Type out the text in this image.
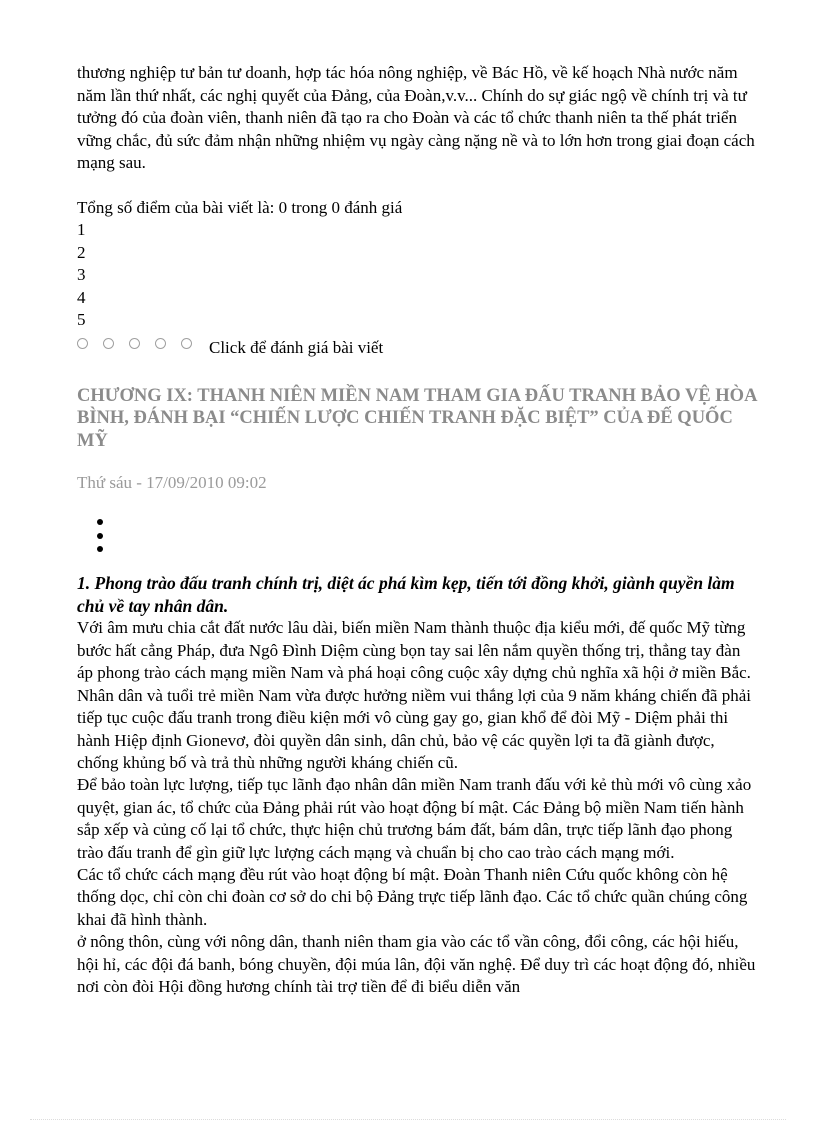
thương nghiệp tư bản tư doanh, hợp tác hóa nông nghiệp, về Bác Hồ, về kế hoạch Nhà nước năm năm lần thứ nhất, các nghị quyết của Đảng, của Đoàn,v.v... Chính do sự giác ngộ về chính trị và tư tưởng đó của đoàn viên, thanh niên đã tạo ra cho Đoàn và các tổ chức thanh niên ta thế phát triển vững chắc, đủ sức đảm nhận những nhiệm vụ ngày càng nặng nề và to lớn hơn trong giai đoạn cách mạng sau.

Tổng số điểm của bài viết là: 0 trong 0 đánh giá
1
2
3
4
5
Click để đánh giá bài viết
CHƯƠNG IX: THANH NIÊN MIỀN NAM THAM GIA ĐẤU TRANH BẢO VỆ HÒA BÌNH, ĐÁNH BẠI “CHIẾN LƯỢC CHIẾN TRANH ĐẶC BIỆT” CỦA ĐẾ QUỐC MỸ
Thứ sáu - 17/09/2010 09:02
1. Phong trào đấu tranh chính trị, diệt ác phá kìm kẹp, tiến tới đồng khởi, giành quyền làm chủ về tay nhân dân.

Với âm mưu chia cắt đất nước lâu dài, biến miền Nam thành thuộc địa kiểu mới, đế quốc Mỹ từng bước hất cẳng Pháp, đưa Ngô Đình Diệm cùng bọn tay sai lên nắm quyền thống trị, thẳng tay đàn áp phong trào cách mạng miền Nam và phá hoại công cuộc xây dựng chủ nghĩa xã hội ở miền Bắc.

Nhân dân và tuổi trẻ miền Nam vừa được hưởng niềm vui thắng lợi của 9 năm kháng chiến đã phải tiếp tục cuộc đấu tranh trong điều kiện mới vô cùng gay go, gian khổ để đòi Mỹ - Diệm phải thi hành Hiệp định Gionevơ, đòi quyền dân sinh, dân chủ, bảo vệ các quyền lợi ta đã giành được, chống khủng bố và trả thù những người kháng chiến cũ.

Để bảo toàn lực lượng, tiếp tục lãnh đạo nhân dân miền Nam tranh đấu với kẻ thù mới vô cùng xảo quyệt, gian ác, tổ chức của Đảng phải rút vào hoạt động bí mật. Các Đảng bộ miền Nam tiến hành sắp xếp và củng cố lại tổ chức, thực hiện chủ trương bám đất, bám dân, trực tiếp lãnh đạo phong trào đấu tranh để gìn giữ lực lượng cách mạng và chuẩn bị cho cao trào cách mạng mới.

Các tổ chức cách mạng đều rút vào hoạt động bí mật. Đoàn Thanh niên Cứu quốc không còn hệ thống dọc, chỉ còn chi đoàn cơ sở do chi bộ Đảng trực tiếp lãnh đạo. Các tổ chức quần chúng công khai đã hình thành.

ở nông thôn, cùng với nông dân, thanh niên tham gia vào các tổ vần công, đổi công, các hội hiếu, hội hỉ, các đội đá banh, bóng chuyền, đội múa lân, đội văn nghệ. Để duy trì các hoạt động đó, nhiều nơi còn đòi Hội đồng hương chính tài trợ tiền để đi biểu diễn văn
